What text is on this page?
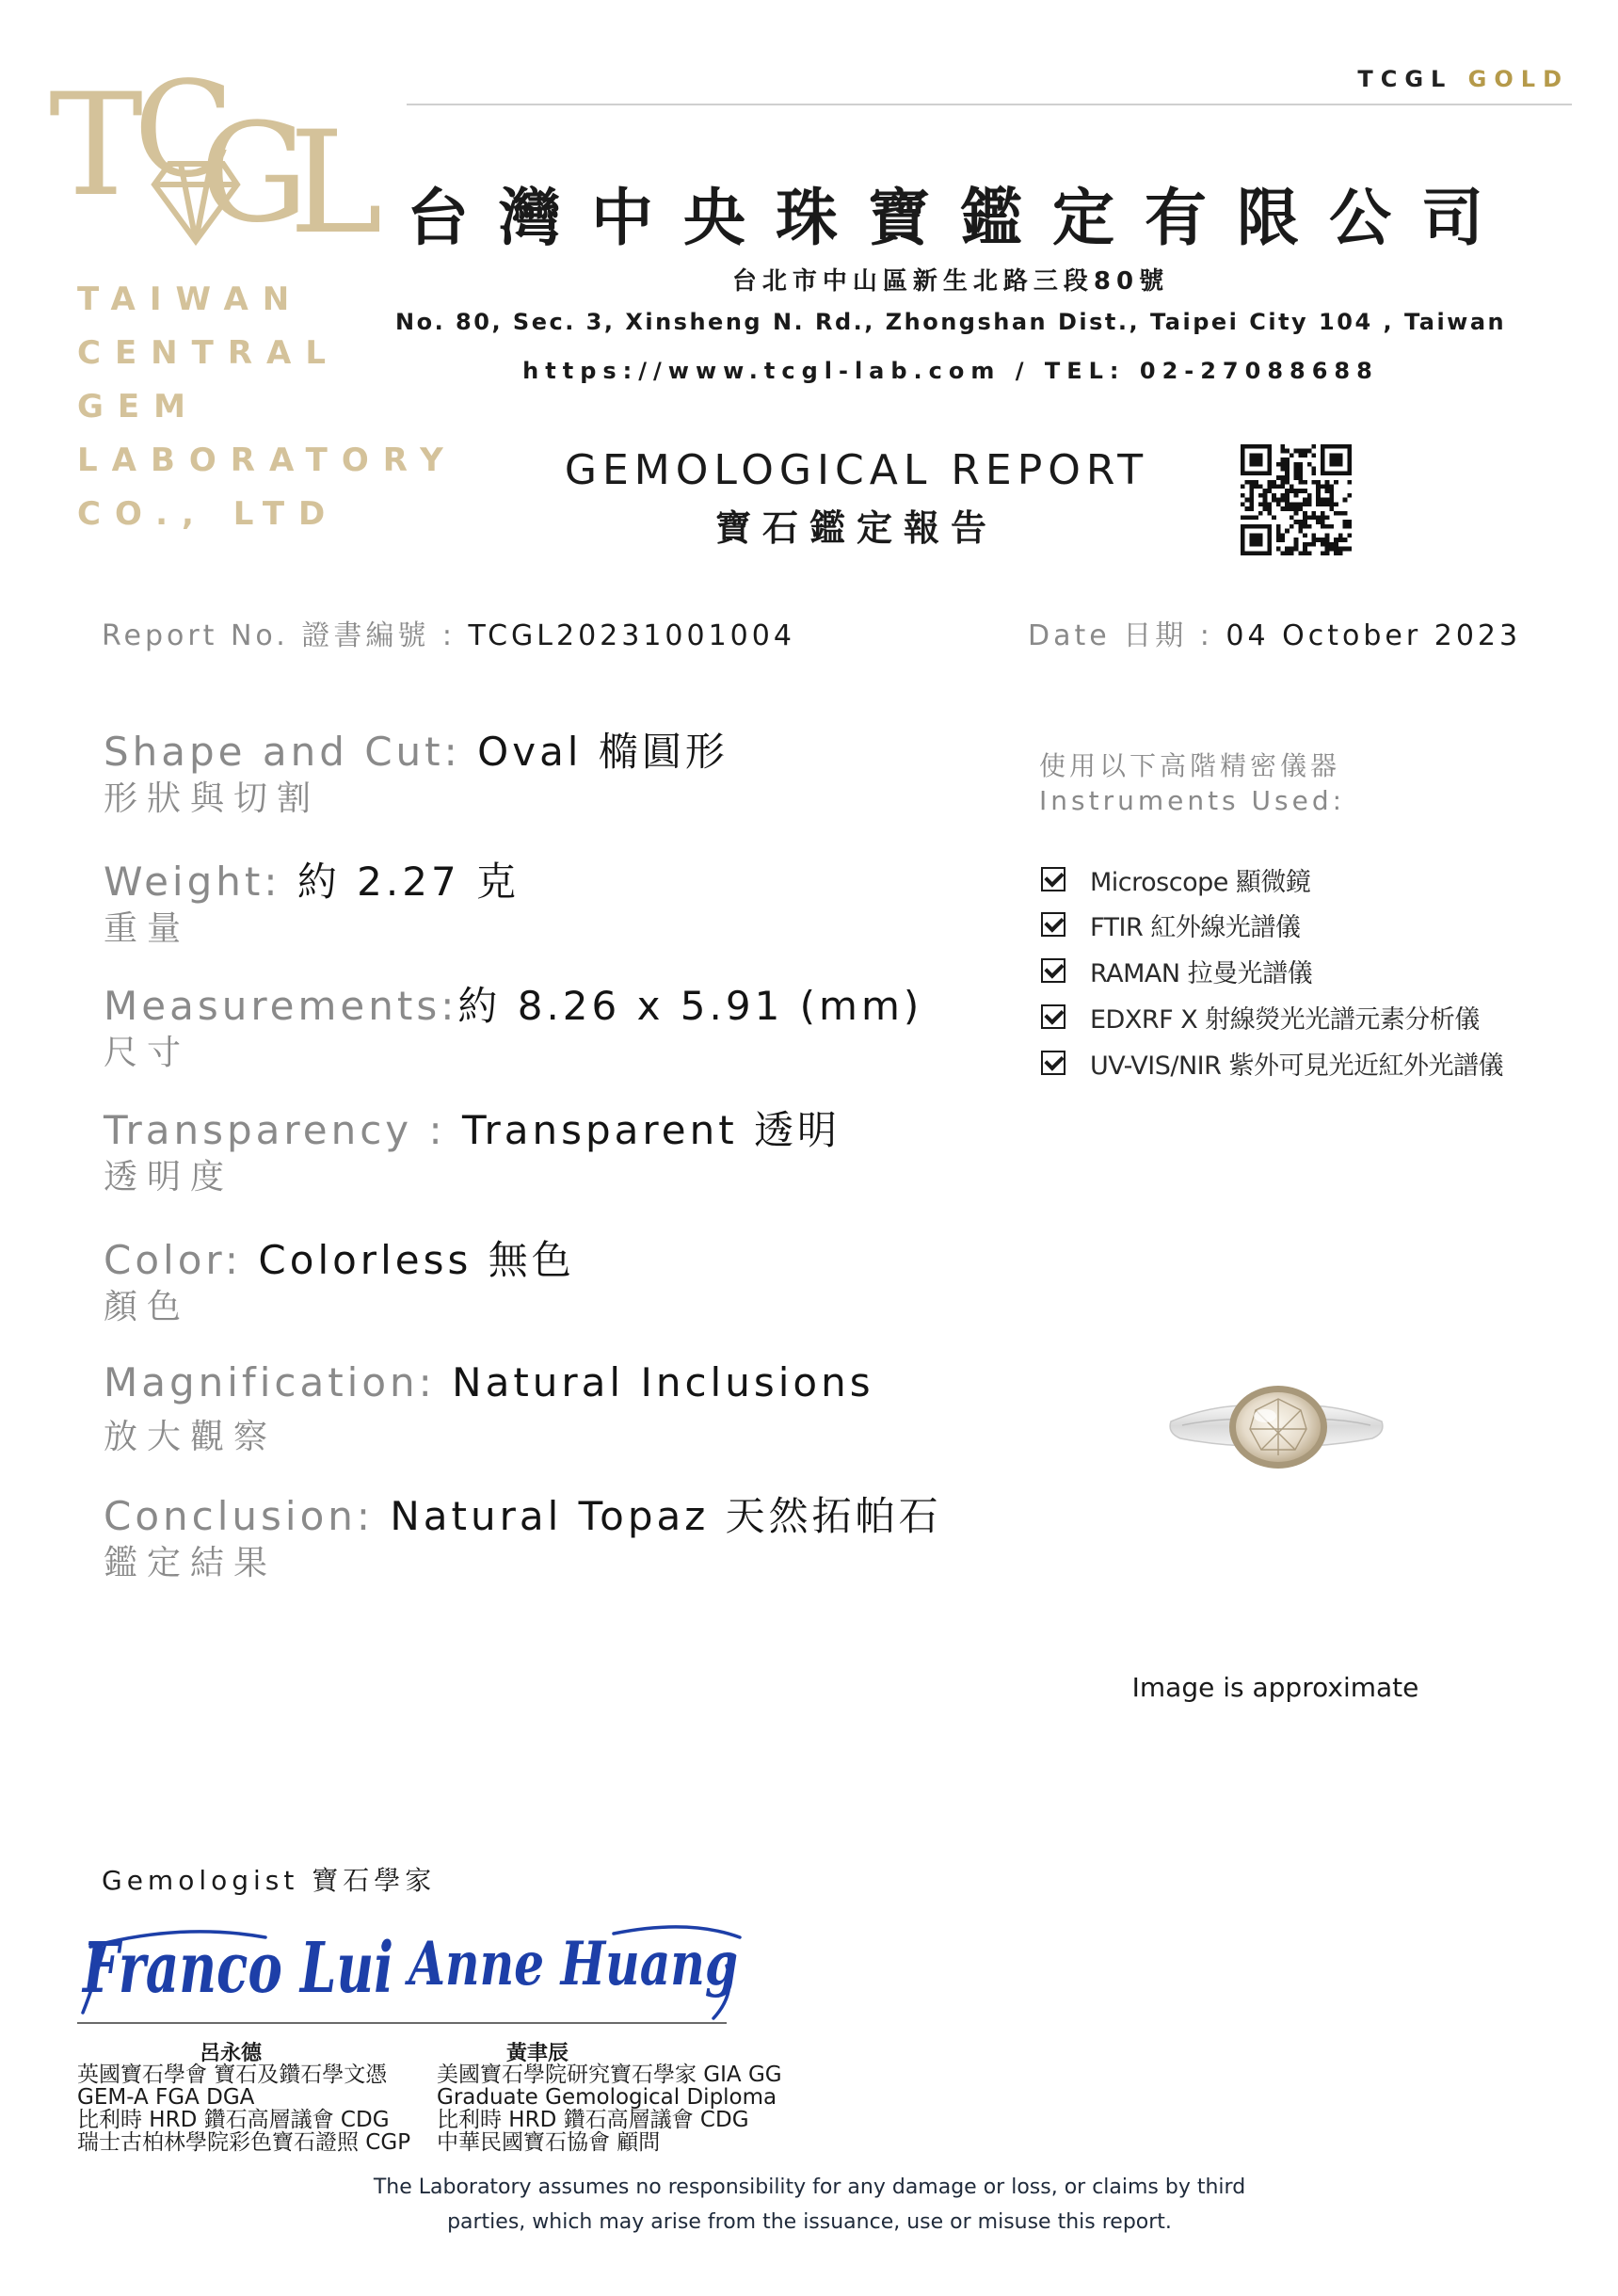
T
C
G
L
TAIWAN
CENTRAL
GEM
LABORATORY
CO., LTD
TCGL GOLD
台灣中央珠寶鑑定有限公司
台北市中山區新生北路三段80號
No. 80, Sec. 3, Xinsheng N. Rd., Zhongshan Dist., Taipei City 104 , Taiwan
https://www.tcgl-lab.com / TEL: 02-27088688
GEMOLOGICAL REPORT
寶石鑑定報告
Report No. 證書編號 : TCGL20231001004	Date 日期 : 04 October 2023
Shape and Cut: Oval 橢圓形
形狀與切割
Weight: 約 2.27 克
重量
Measurements:約 8.26 x 5.91 (mm)
尺寸
Transparency : Transparent 透明
透明度
Color: Colorless 無色
顏色
Magnification: Natural Inclusions
放大觀察
Conclusion: Natural Topaz 天然拓帕石
鑑定結果
使用以下高階精密儀器
Instruments Used:
Microscope 顯微鏡
FTIR 紅外線光譜儀
RAMAN 拉曼光譜儀
EDXRF X 射線熒光光譜元素分析儀
UV-VIS/NIR 紫外可見光近紅外光譜儀
Image is approximate
Gemologist 寶石學家
Franco Lui Anne Huang
呂永德	黃聿辰
英國寶石學會 寶石及鑽石學文憑
GEM-A FGA DGA
比利時 HRD 鑽石高層議會 CDG
瑞士古柏林學院彩色寶石證照 CGP
美國寶石學院研究寶石學家 GIA GG
Graduate Gemological Diploma
比利時 HRD 鑽石高層議會 CDG
中華民國寶石協會 顧問
The Laboratory assumes no responsibility for any damage or loss, or claims by third
parties, which may arise from the issuance, use or misuse this report.
